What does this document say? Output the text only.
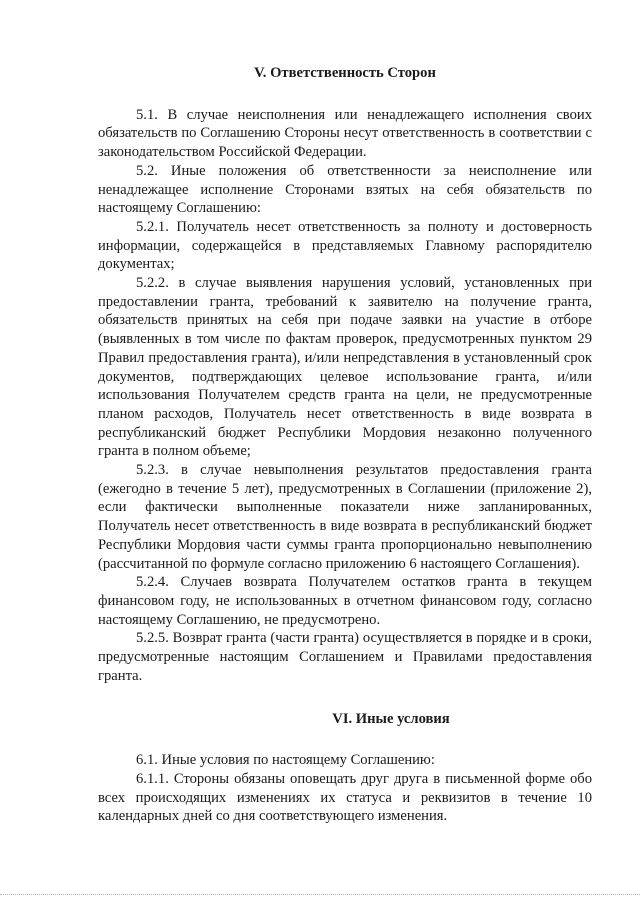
V. Ответственность Сторон

5.1. В случае неисполнения или ненадлежащего исполнения своих обязательств по Соглашению Стороны несут ответственность в соответствии с законодательством Российской Федерации.

5.2. Иные положения об ответственности за неисполнение или ненадлежащее исполнение Сторонами взятых на себя обязательств по настоящему Соглашению:

5.2.1. Получатель несет ответственность за полноту и достоверность информации, содержащейся в представляемых Главному распорядителю документах;

5.2.2. в случае выявления нарушения условий, установленных при предоставлении гранта, требований к заявителю на получение гранта, обязательств принятых на себя при подаче заявки на участие в отборе (выявленных в том числе по фактам проверок, предусмотренных пунктом 29 Правил предоставления гранта), и/или непредставления в установленный срок документов, подтверждающих целевое использование гранта, и/или использования Получателем средств гранта на цели, не предусмотренные планом расходов, Получатель несет ответственность в виде возврата в республиканский бюджет Республики Мордовия незаконно полученного гранта в полном объеме;

5.2.3. в случае невыполнения результатов предоставления гранта (ежегодно в течение 5 лет), предусмотренных в Соглашении (приложение 2), если фактически выполненные показатели ниже запланированных, Получатель несет ответственность в виде возврата в республиканский бюджет Республики Мордовия части суммы гранта пропорционально невыполнению (рассчитанной по формуле согласно приложению 6 настоящего Соглашения).

5.2.4. Случаев возврата Получателем остатков гранта в текущем финансовом году, не использованных в отчетном финансовом году, согласно настоящему Соглашению, не предусмотрено.

5.2.5. Возврат гранта (части гранта) осуществляется в порядке и в сроки, предусмотренные настоящим Соглашением и Правилами предоставления гранта.

VI. Иные условия

6.1. Иные условия по настоящему Соглашению:

6.1.1. Стороны обязаны оповещать друг друга в письменной форме обо всех происходящих изменениях их статуса и реквизитов в течение 10 календарных дней со дня соответствующего изменения.
